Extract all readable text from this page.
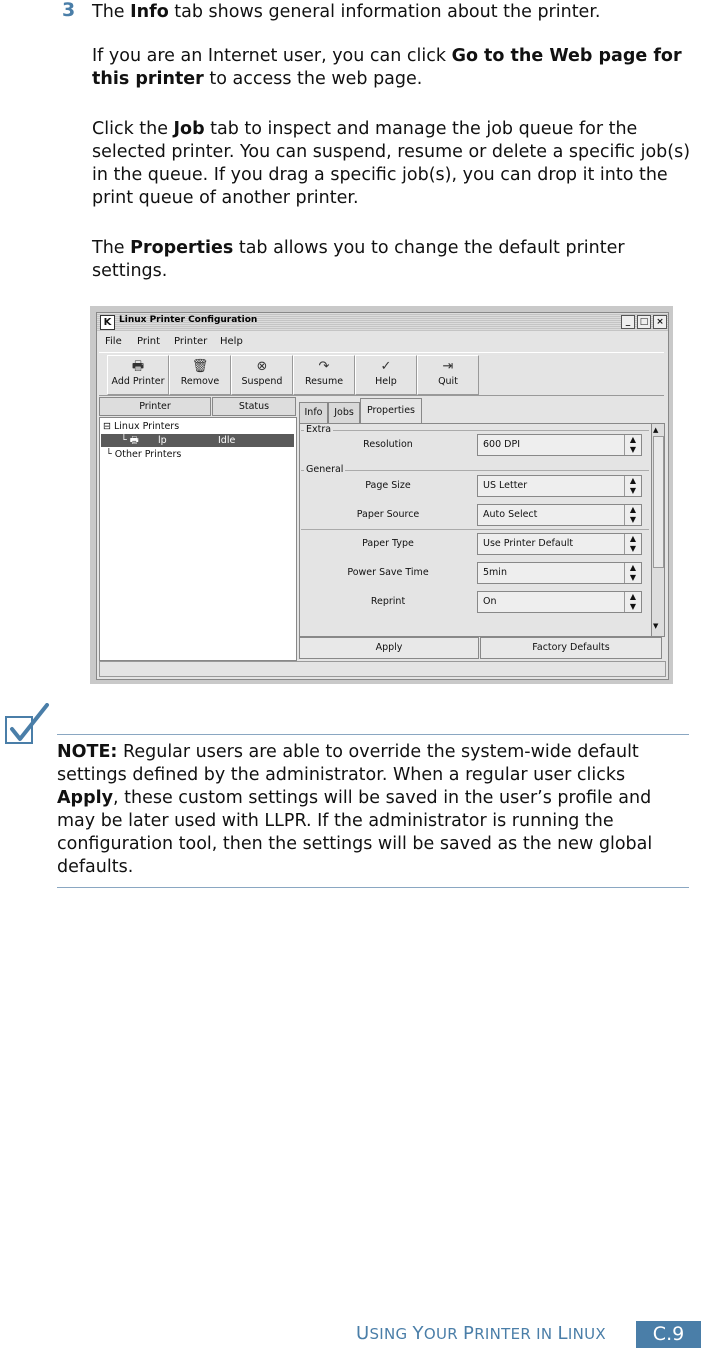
3 The Info tab shows general information about the printer.
If you are an Internet user, you can click Go to the Web page for this printer to access the web page.
Click the Job tab to inspect and manage the job queue for the selected printer. You can suspend, resume or delete a specific job(s) in the queue. If you drag a specific job(s), you can drop it into the print queue of another printer.
The Properties tab allows you to change the default printer settings.
K Linux Printer Configuration	_	□ ×
File Print Printer Help
🖶
Add Printer
🗑
Remove
⊗
Suspend
↷
Resume
✓
Help
⇥
Quit
Printer	Status
⊟ Linux Printers
└ 🖶 lp	Idle
└ Other Printers
Info	Jobs	Properties
Extra
Resolution	600 DPI	▲
▼
General
Page Size	US Letter	▲
▼
Paper Source	Auto Select	▲
▼
Paper Type	Use Printer Default	▲
▼
Power Save Time	5min	▲
▼
Reprint	On	▲
▼
▲
▼
Apply	Factory Defaults
NOTE: Regular users are able to override the system-wide default settings defined by the administrator. When a regular user clicks Apply, these custom settings will be saved in the user’s profile and may be later used with LLPR. If the administrator is running the configuration tool, then the settings will be saved as the new global defaults.
USING YOUR PRINTER IN LINUX	C.9
